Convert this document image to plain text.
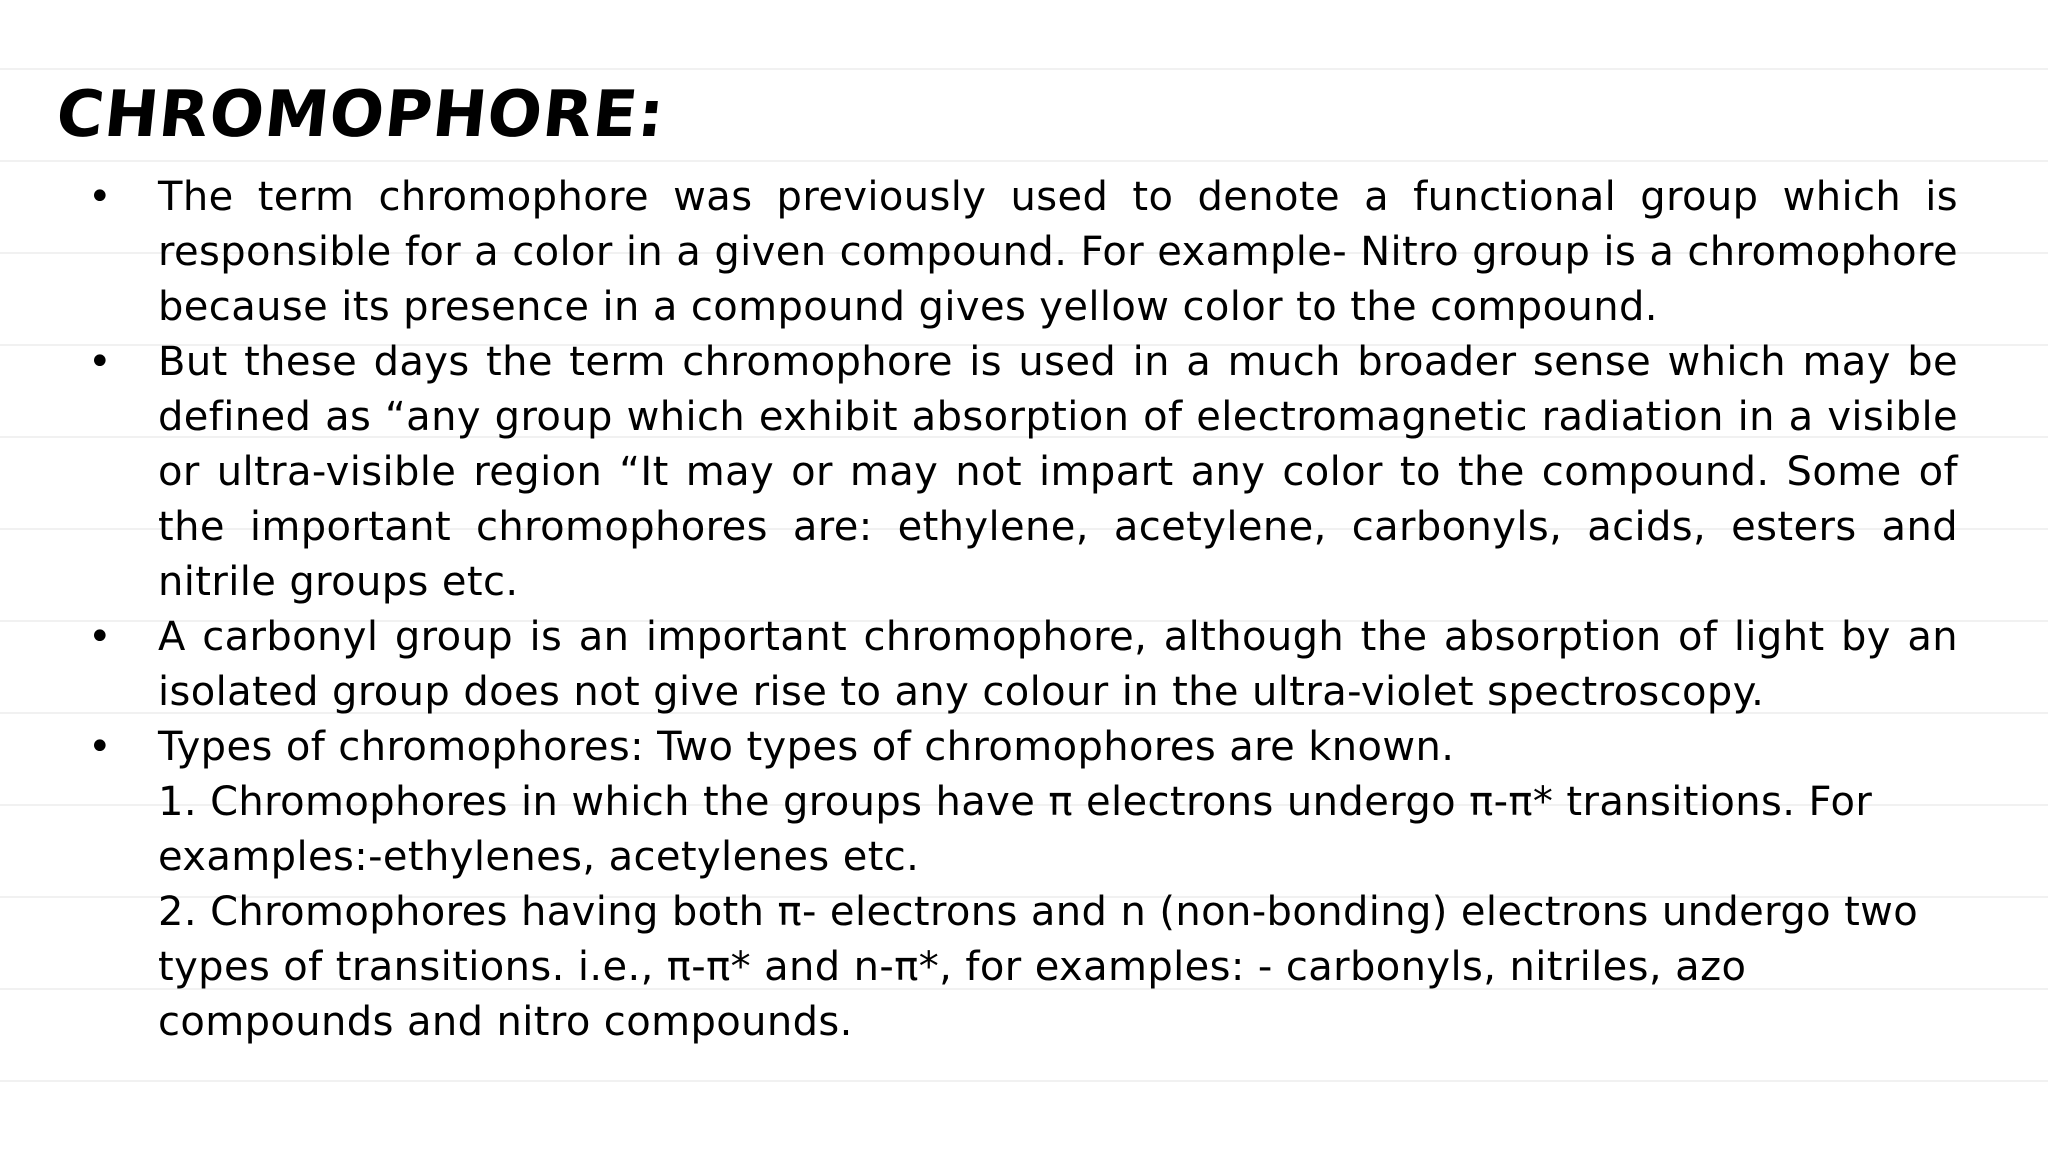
CHROMOPHORE:
• The term chromophore was previously used to denote a functional group which is responsible for a color in a given compound. For example- Nitro group is a chromophore because its presence in a compound gives yellow color to the compound.
• But these days the term chromophore is used in a much broader sense which may be defined as “any group which exhibit absorption of electromagnetic radiation in a visible or ultra-visible region “It may or may not impart any color to the compound. Some of the important chromophores are: ethylene, acetylene, carbonyls, acids, esters and nitrile groups etc.
• A carbonyl group is an important chromophore, although the absorption of light by an isolated group does not give rise to any colour in the ultra-violet spectroscopy.
• Types of chromophores: Two types of chromophores are known.
1. Chromophores in which the groups have π electrons undergo π-π* transitions. For examples:-ethylenes, acetylenes etc.
2. Chromophores having both π- electrons and n (non-bonding) electrons undergo two types of transitions. i.e., π-π* and n-π*, for examples: - carbonyls, nitriles, azo compounds and nitro compounds.
